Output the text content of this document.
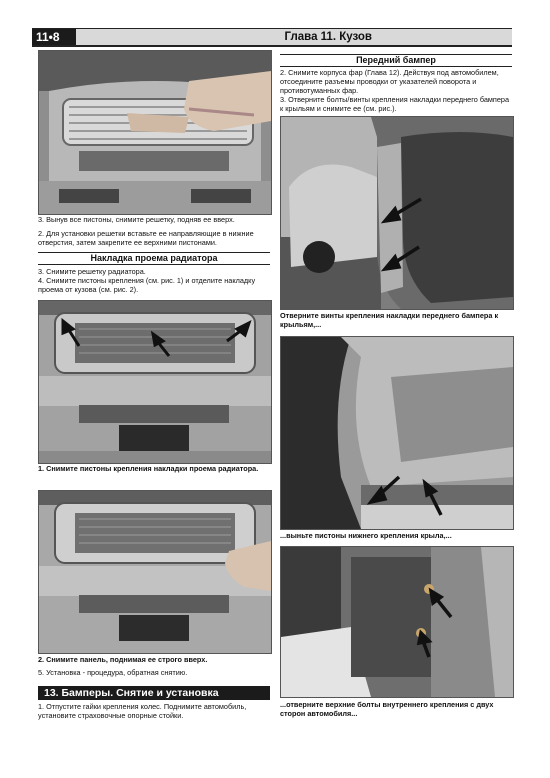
11•8	Глава 11. Кузов
3. Вынув все пистоны, снимите решетку, подняв ее вверх.
2. Для установки решетки вставьте ее направляющие в нижние отверстия, затем закрепите ее верхними пистонами.
Накладка проема радиатора
3. Снимите решетку радиатора.
4. Снимите пистоны крепления (см. рис. 1) и отделите накладку проема от кузова (см. рис. 2).
1. Снимите пистоны крепления накладки проема радиатора.
2. Снимите панель, поднимая ее строго вверх.
5. Установка - процедура, обратная снятию.
13. Бамперы. Снятие и установка
1. Отпустите гайки крепления колес. Поднимите автомобиль, установите страховочные опорные стойки.
Передний бампер
2. Снимите корпуса фар (Глава 12). Действуя под автомобилем, отсоедините разъемы проводки от указателей поворота и противотуманных фар.
3. Отверните болты/винты крепления накладки переднего бампера к крыльям и снимите ее (см. рис.).
Отверните винты крепления накладки переднего бампера к крыльям,...
...выньте пистоны нижнего крепления крыла,...
...отверните верхние болты внутреннего крепления с двух сторон автомобиля...
